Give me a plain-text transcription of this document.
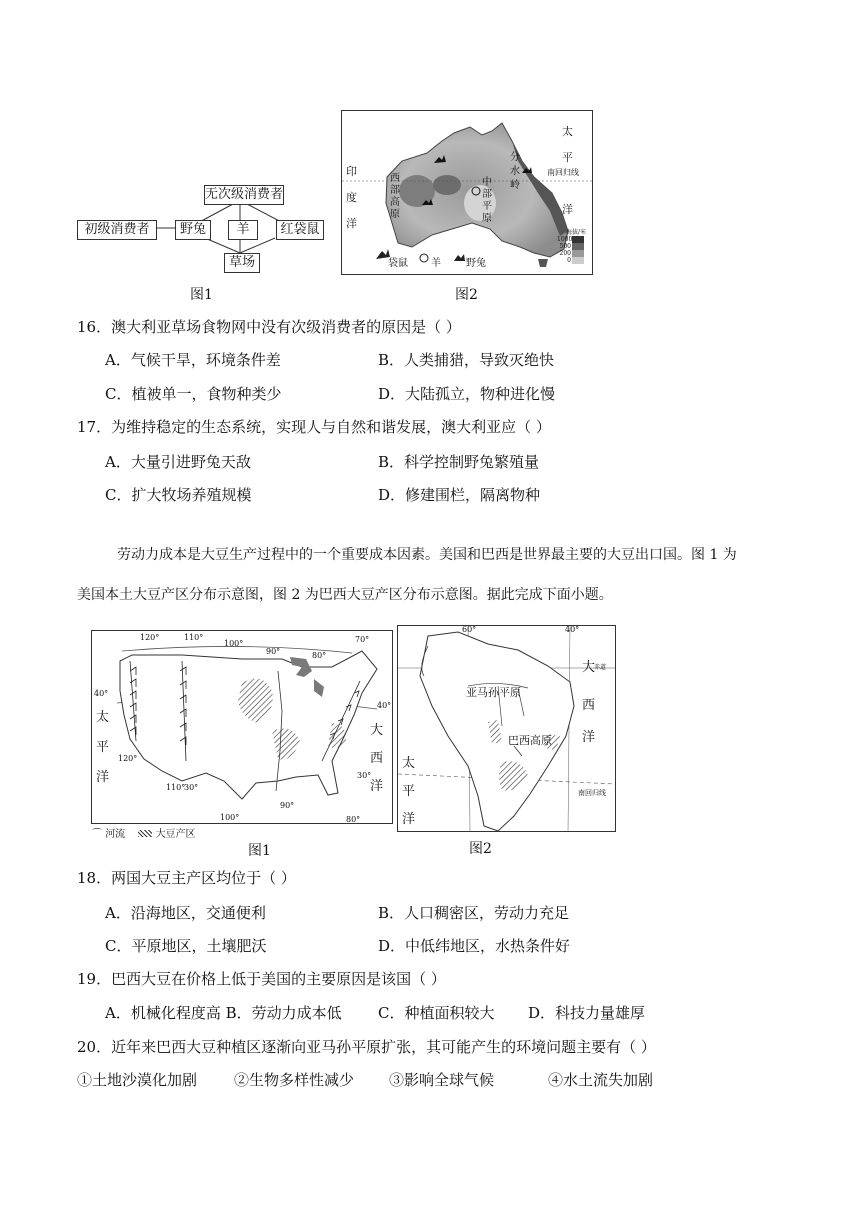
无次级消费者
初级消费者	野兔	羊	红袋鼠
草场
图1
印
度
洋
太
平
洋
南回归线
分 水 岭
西
部
高
原
中
部
平
原
海拔/米
1000
500
200
0
袋鼠 羊	野兔
图2
16．澳大利亚草场食物网中没有次级消费者的原因是（ ）
A．气候干旱，环境条件差	B．人类捕猎，导致灭绝快
C．植被单一，食物种类少	D．大陆孤立，物种进化慢
17．为维持稳定的生态系统，实现人与自然和谐发展，澳大利亚应（ ）
A．大量引进野兔天敌	B．科学控制野兔繁殖量
C．扩大牧场养殖规模	D．修建围栏，隔离物种
劳动力成本是大豆生产过程中的一个重要成本因素。美国和巴西是世界最主要的大豆出口国。图 1 为
美国本土大豆产区分布示意图，图 2 为巴西大豆产区分布示意图。据此完成下面小题。
120°	110°
100°
90°	80°
70°
40°
40°
30°
120°
110°
30°
90°
100°	80°
太
平
洋
大
西
洋
⌒ 河流	大豆产区
图1
60°	40°
赤道
南回归线
亚马孙平原
巴西高原
太
平
洋
大
西
洋
图2
18．两国大豆主产区均位于（ ）
A．沿海地区，交通便利	B．人口稠密区，劳动力充足
C．平原地区，土壤肥沃	D．中低纬地区，水热条件好
19．巴西大豆在价格上低于美国的主要原因是该国（ ）
A．机械化程度高 B．劳动力成本低 C．种植面积较大 D．科技力量雄厚
20．近年来巴西大豆种植区逐渐向亚马孙平原扩张，其可能产生的环境问题主要有（ ）
①土地沙漠化加剧 ②生物多样性减少 ③影响全球气候	④水土流失加剧
